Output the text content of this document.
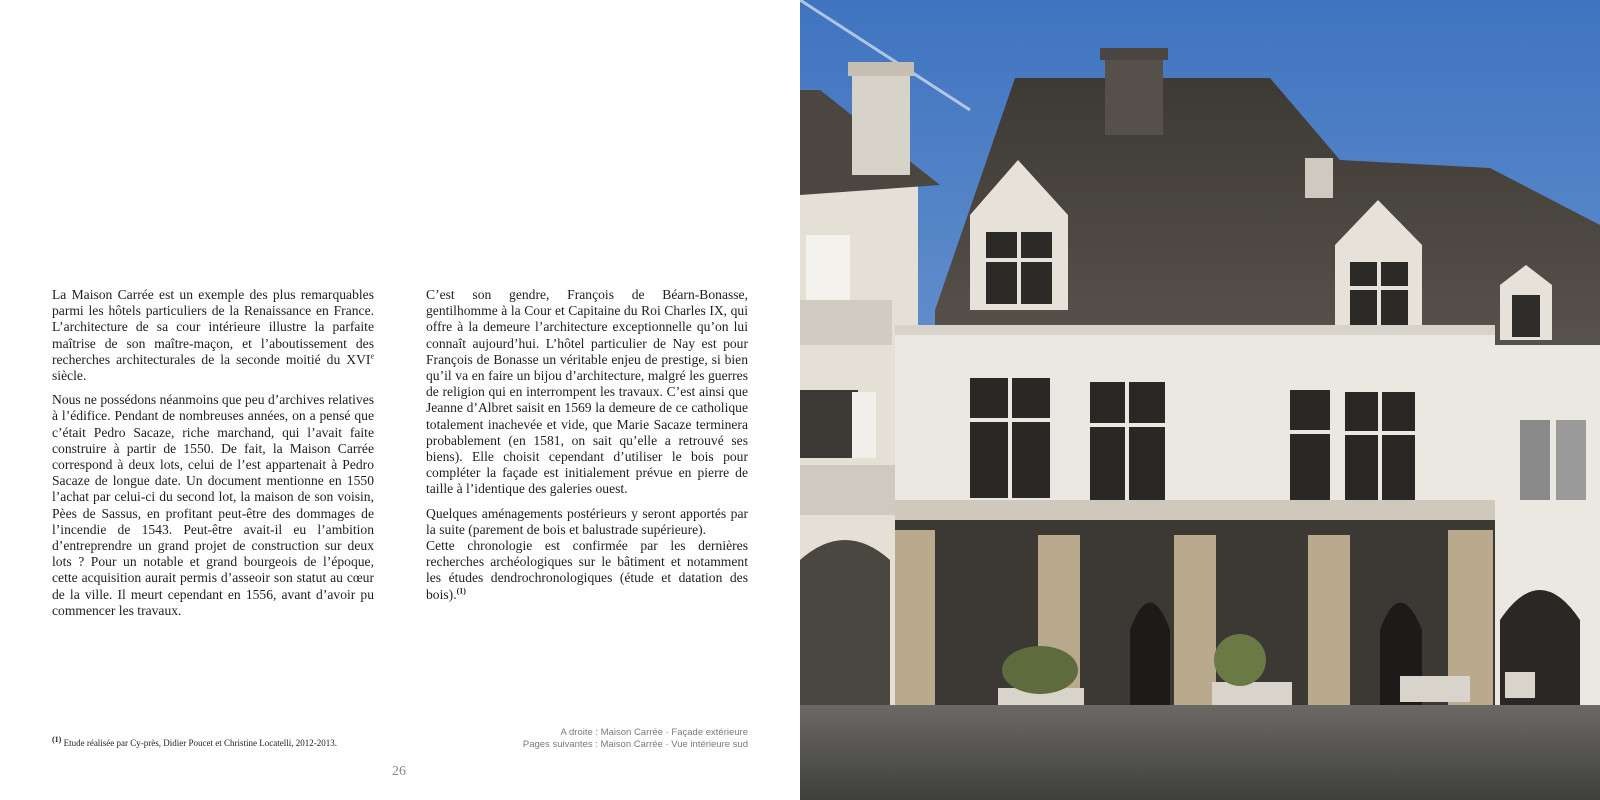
La Maison Carrée est un exemple des plus remarquables parmi les hôtels particuliers de la Renaissance en France. L’architecture de sa cour intérieure illustre la parfaite maîtrise de son maître-maçon, et l’aboutissement des recherches architecturales de la seconde moitié du XVIe siècle.

Nous ne possédons néanmoins que peu d’archives relatives à l’édifice. Pendant de nombreuses années, on a pensé que c’était Pedro Sacaze, riche marchand, qui l’avait faite construire à partir de 1550. De fait, la Maison Carrée correspond à deux lots, celui de l’est appartenait à Pedro Sacaze de longue date. Un document mentionne en 1550 l’achat par celui-ci du second lot, la maison de son voisin, Pèes de Sassus, en profitant peut-être des dommages de l’incendie de 1543. Peut-être avait-il eu l’ambition d’entreprendre un grand projet de construction sur deux lots ? Pour un notable et grand bourgeois de l’époque, cette acquisition aurait permis d’asseoir son statut au cœur de la ville. Il meurt cependant en 1556, avant d’avoir pu commencer les travaux.

C’est son gendre, François de Béarn-Bonasse, gentilhomme à la Cour et Capitaine du Roi Charles IX, qui offre à la demeure l’architecture exceptionnelle qu’on lui connaît aujourd’hui. L’hôtel particulier de Nay est pour François de Bonasse un véritable enjeu de prestige, si bien qu’il va en faire un bijou d’architecture, malgré les guerres de religion qui en interrompent les travaux. C’est ainsi que Jeanne d’Albret saisit en 1569 la demeure de ce catholique totalement inachevée et vide, que Marie Sacaze terminera probablement (en 1581, on sait qu’elle a retrouvé ses biens). Elle choisit cependant d’utiliser le bois pour compléter la façade est initialement prévue en pierre de taille à l’identique des galeries ouest.

Quelques aménagements postérieurs y seront apportés par la suite (parement de bois et balustrade supérieure).

Cette chronologie est confirmée par les dernières recherches archéologiques sur le bâtiment et notamment les études dendrochronologiques (étude et datation des bois).$^{(1)}$

$^{(1)}$ Etude réalisée par Cy-près, Didier Poucet et Christine Locatelli, 2012-2013.
A droite : Maison Carrée · Façade extérieure
Pages suivantes : Maison Carrée · Vue intérieure sud
26
